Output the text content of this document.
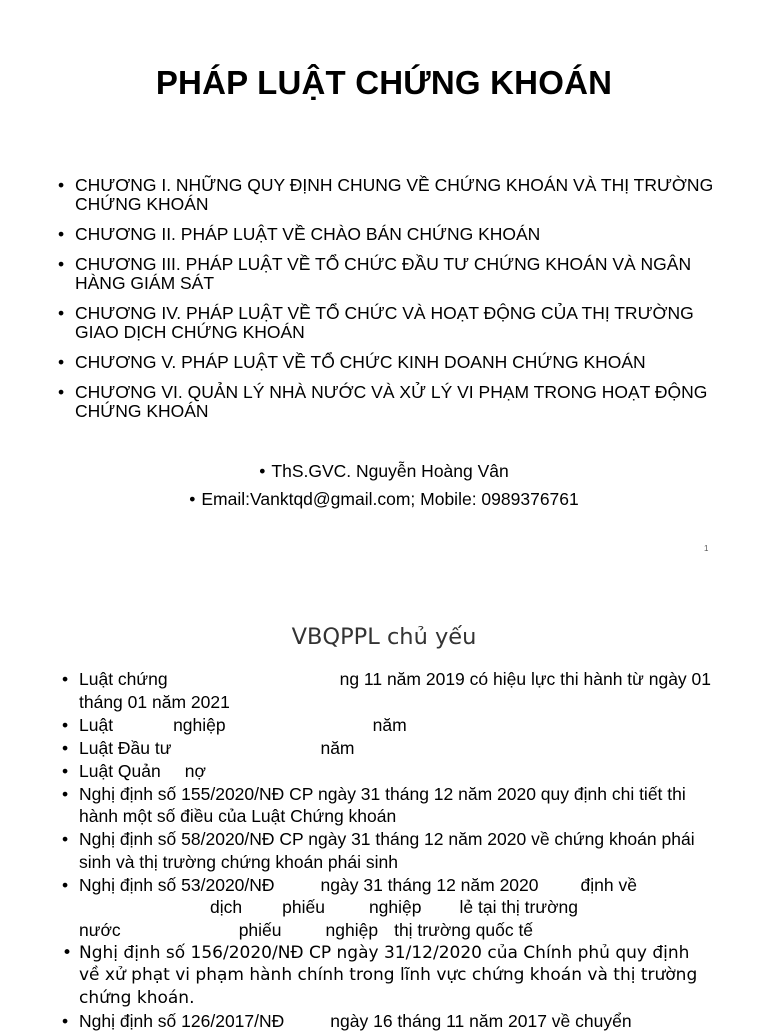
PHÁP LUẬT CHỨNG KHOÁN
• CHƯƠNG I. NHỮNG QUY ĐỊNH CHUNG VỀ CHỨNG KHOÁN VÀ THỊ TRƯỜNG CHỨNG KHOÁN
• CHƯƠNG II. PHÁP LUẬT VỀ CHÀO BÁN CHỨNG KHOÁN
• CHƯƠNG III. PHÁP LUẬT VỀ TỔ CHỨC ĐẦU TƯ CHỨNG KHOÁN VÀ NGÂN HÀNG GIÁM SÁT
• CHƯƠNG IV. PHÁP LUẬT VỀ TỔ CHỨC VÀ HOẠT ĐỘNG CỦA THỊ TRƯỜNG GIAO DỊCH CHỨNG KHOÁN
• CHƯƠNG V. PHÁP LUẬT VỀ TỔ CHỨC KINH DOANH CHỨNG KHOÁN
• CHƯƠNG VI. QUẢN LÝ NHÀ NƯỚC VÀ XỬ LÝ VI PHẠM TRONG HOẠT ĐỘNG CHỨNG KHOÁN
• ThS.GVC. Nguyễn Hoàng Vân
• Email:Vanktqd@gmail.com; Mobile: 0989376761
1
VBQPPL chủ yếu
• Luật chứng	ng 11 năm 2019 có hiệu lực thi hành từ ngày 01 tháng 01 năm 2021
• Luật	nghiệp	năm
• Luật Đầu tư	năm
• Luật Quản nợ
• Nghị định số 155/2020/NĐ CP ngày 31 tháng 12 năm 2020 quy định chi tiết thi hành một số điều của Luật Chứng khoán
• Nghị định số 58/2020/NĐ CP ngày 31 tháng 12 năm 2020 về chứng khoán phái sinh và thị trường chứng khoán phái sinh
• Nghị định số 53/2020/NĐ	ngày 31 tháng 12 năm 2020 định về
dịch phiếu	nghiệp lẻ tại thị trường
nước	phiếu	nghiệp thị trường quốc tế
• Nghị định số 156/2020/NĐ CP ngày 31/12/2020 của Chính phủ quy định về xử phạt vi phạm hành chính trong lĩnh vực chứng khoán và thị trường chứng khoán.
• Nghị định số 126/2017/NĐ	ngày 16 tháng 11 năm 2017 về chuyển
